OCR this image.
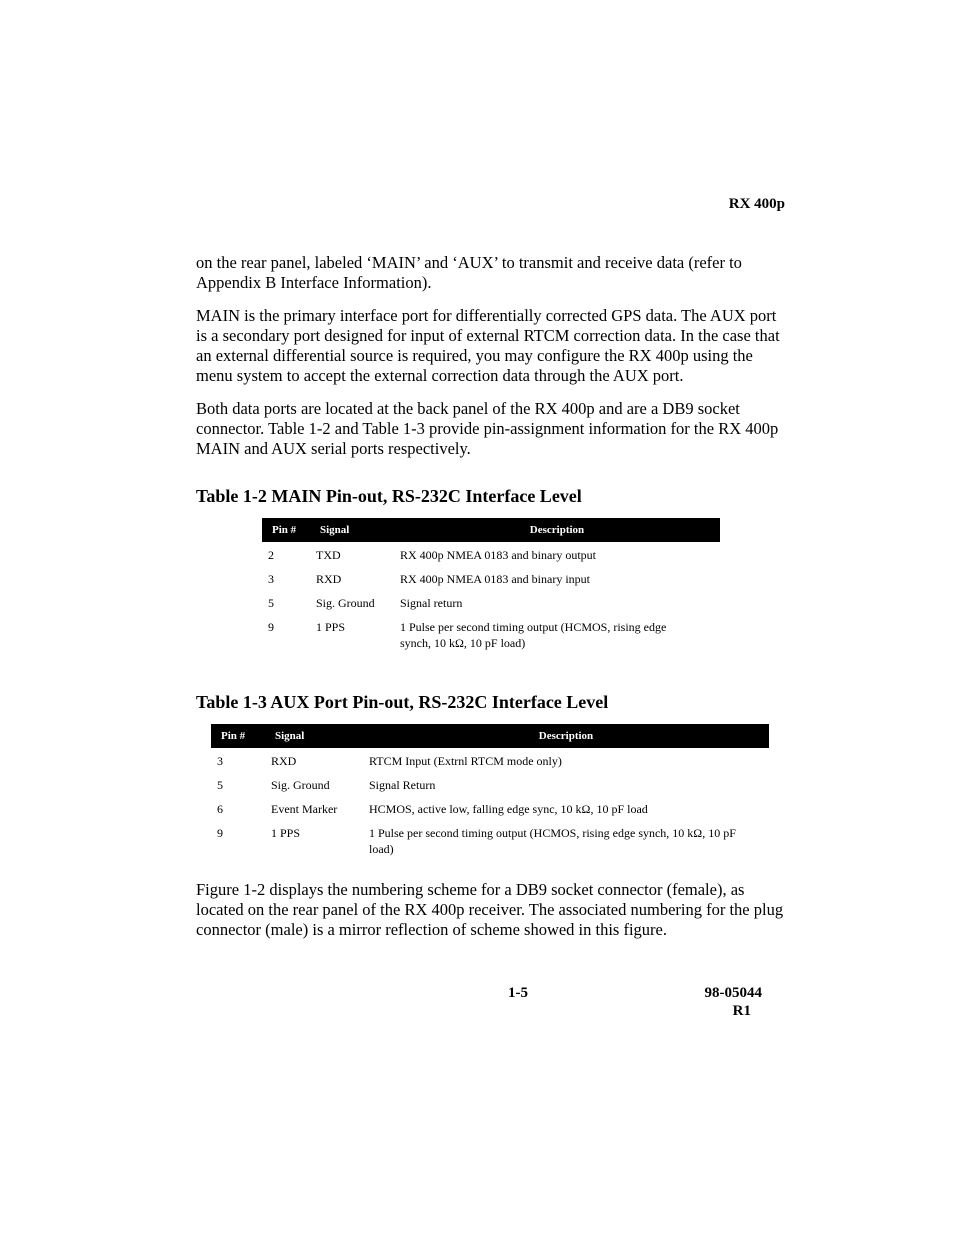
RX 400p

on the rear panel, labeled ‘MAIN’ and ‘AUX’ to transmit and receive data (refer to Appendix B Interface Information).

MAIN is the primary interface port for differentially corrected GPS data. The AUX port is a secondary port designed for input of external RTCM correction data. In the case that an external differential source is required, you may configure the RX 400p using the menu system to accept the external correction data through the AUX port.

Both data ports are located at the back panel of the RX 400p and are a DB9 socket connector. Table 1-2 and Table 1-3 provide pin-assignment information for the RX 400p MAIN and AUX serial ports respectively.

Table 1-2 MAIN Pin-out, RS-232C Interface Level
Pin #	Signal	Description
2	TXD	RX 400p NMEA 0183 and binary output
3	RXD	RX 400p NMEA 0183 and binary input
5	Sig. Ground	Signal return
9	1 PPS	1 Pulse per second timing output (HCMOS, rising edge synch, 10 kΩ, 10 pF load)
Table 1-3 AUX Port Pin-out, RS-232C Interface Level
Pin #	Signal	Description
3	RXD	RTCM Input (Extrnl RTCM mode only)
5	Sig. Ground	Signal Return
6	Event Marker	HCMOS, active low, falling edge sync, 10 kΩ, 10 pF load
9	1 PPS	1 Pulse per second timing output (HCMOS, rising edge synch, 10 kΩ, 10 pF load)

Figure 1-2 displays the numbering scheme for a DB9 socket connector (female), as located on the rear panel of the RX 400p receiver. The associated numbering for the plug connector (male) is a mirror reflection of scheme showed in this figure.

1-5	98-05044
R1
